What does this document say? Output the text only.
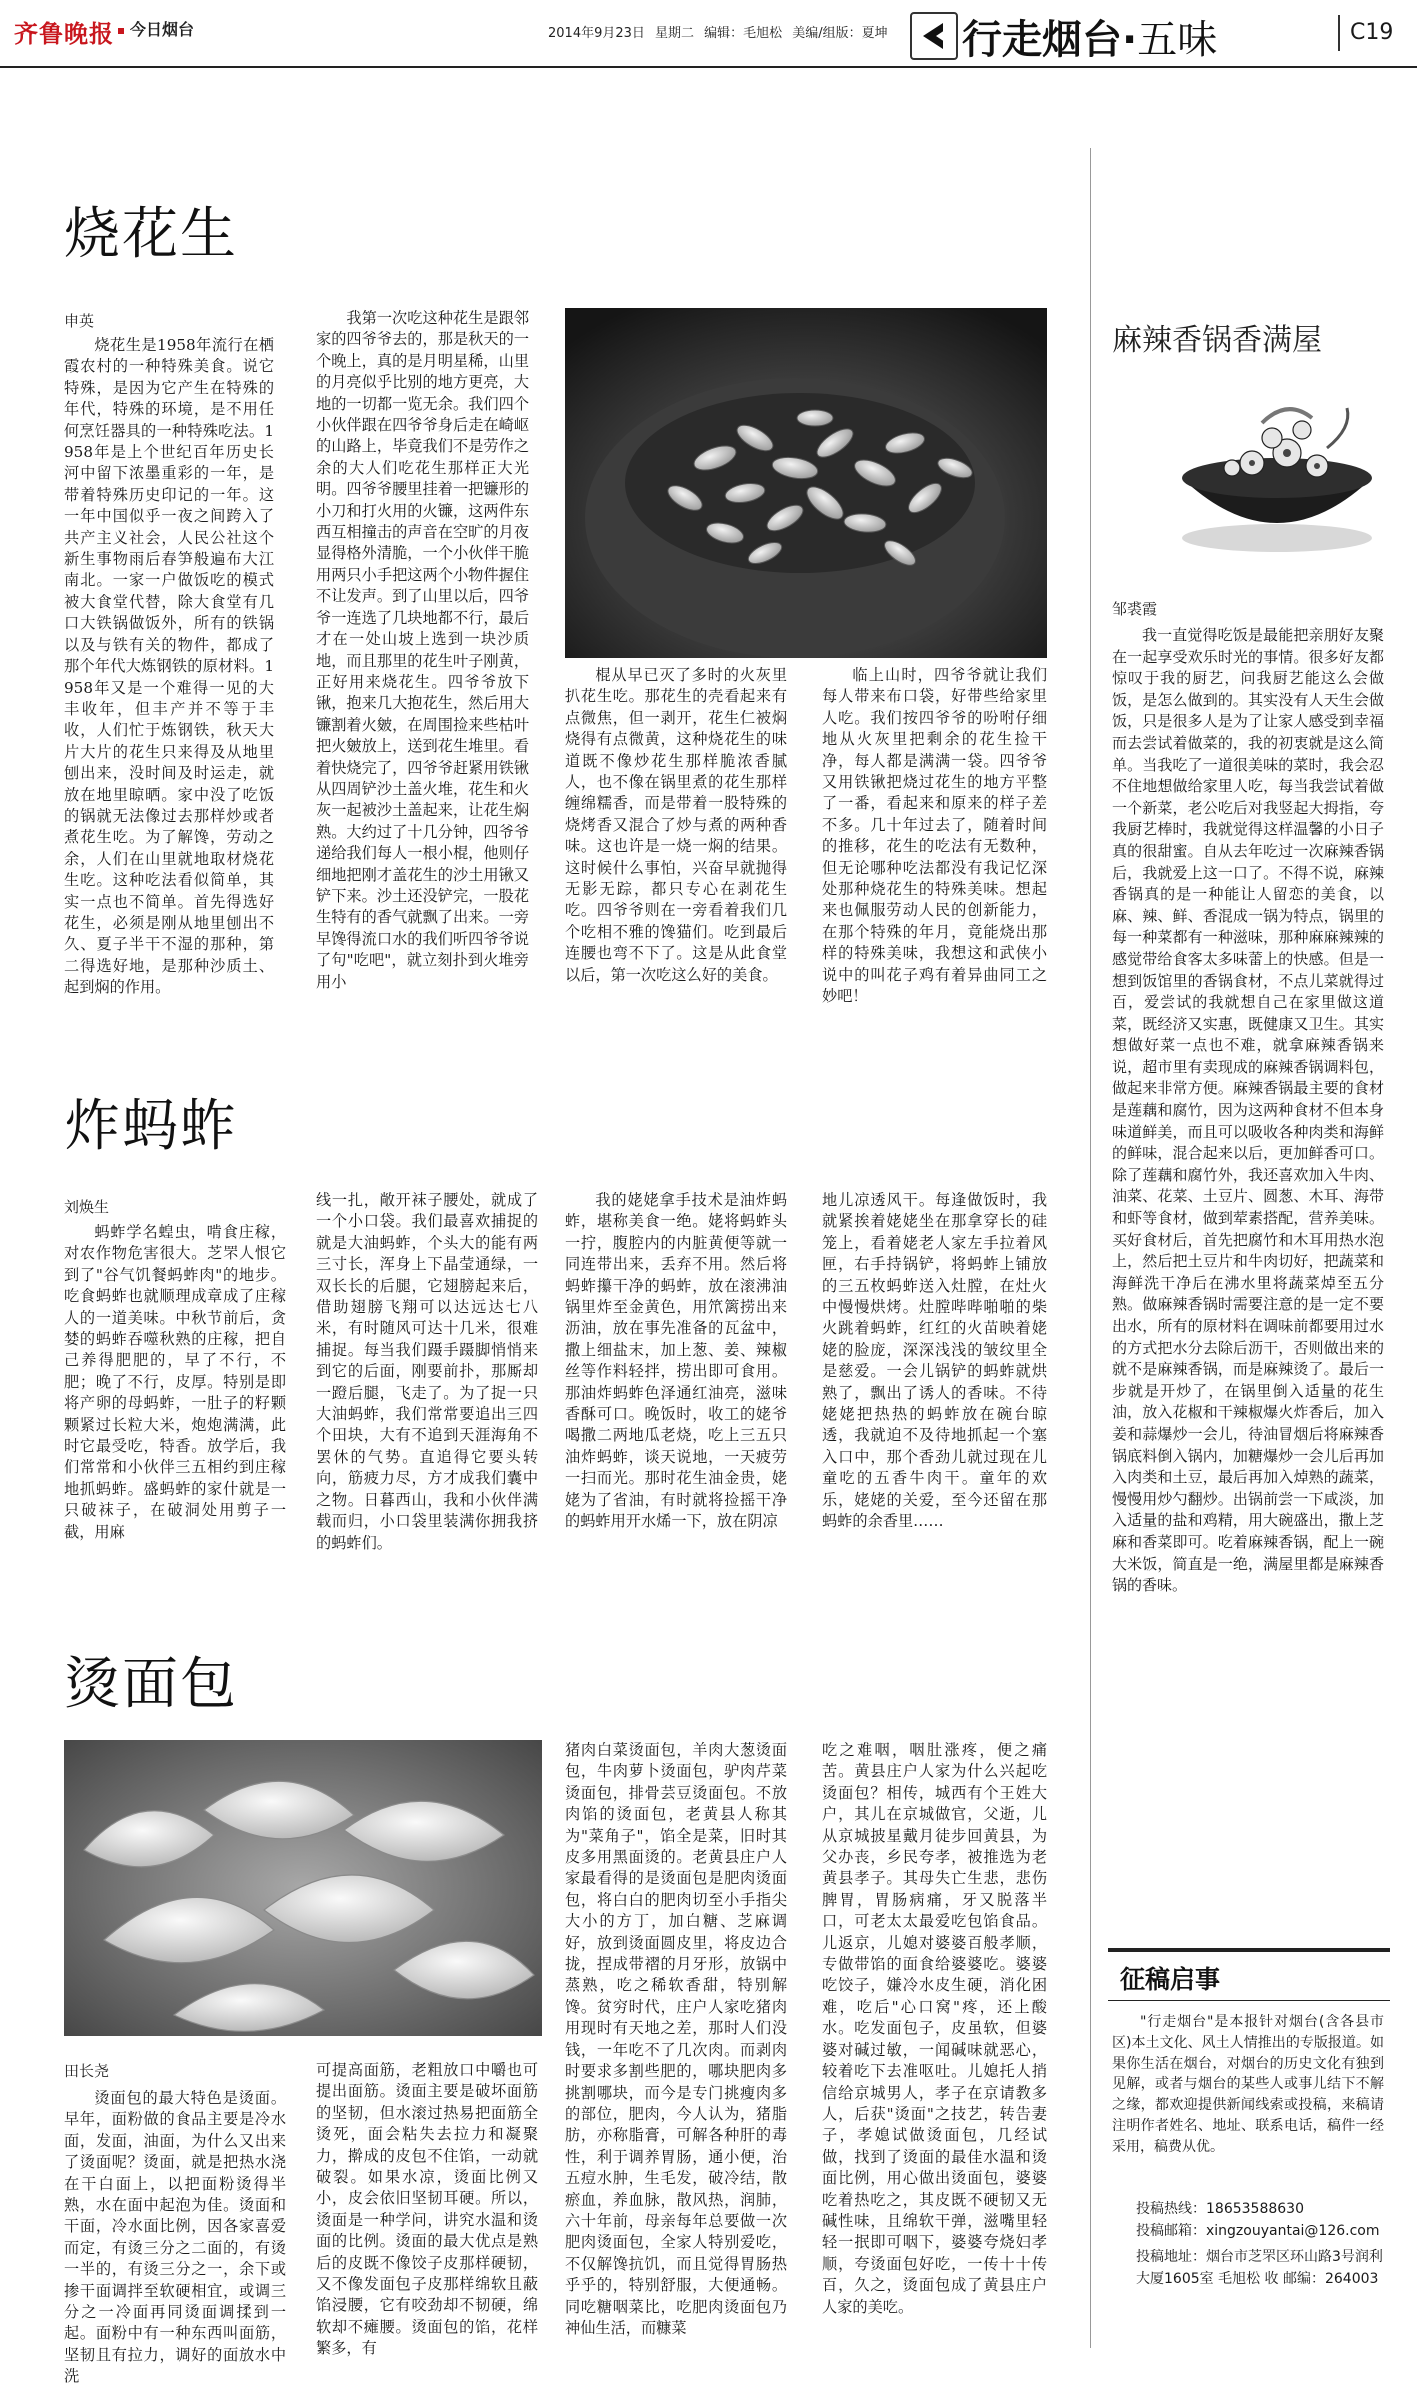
齐鲁晚报	今日烟台	2014年9月23日 星期二 编辑：毛旭松 美编/组版：夏坤 行走烟台·五味	C19
烧花生
申英

烧花生是1958年流行在栖霞农村的一种特殊美食。说它特殊，是因为它产生在特殊的年代，特殊的环境，是不用任何烹饪器具的一种特殊吃法。1958年是上个世纪百年历史长河中留下浓墨重彩的一年，是带着特殊历史印记的一年。这一年中国似乎一夜之间跨入了共产主义社会，人民公社这个新生事物雨后春笋般遍布大江南北。一家一户做饭吃的模式被大食堂代替，除大食堂有几口大铁锅做饭外，所有的铁锅以及与铁有关的物件，都成了那个年代大炼钢铁的原材料。1958年又是一个难得一见的大丰收年，但丰产并不等于丰收，人们忙于炼钢铁，秋天大片大片的花生只来得及从地里刨出来，没时间及时运走，就放在地里晾晒。家中没了吃饭的锅就无法像过去那样炒或者煮花生吃。为了解馋，劳动之余，人们在山里就地取材烧花生吃。这种吃法看似简单，其实一点也不简单。首先得选好花生，必须是刚从地里刨出不久、夏子半干不湿的那种，第二得选好地，是那种沙质土、起到焖的作用。

我第一次吃这种花生是跟邻家的四爷爷去的，那是秋天的一个晚上，真的是月明星稀，山里的月亮似乎比别的地方更亮，大地的一切都一览无余。我们四个小伙伴跟在四爷爷身后走在崎岖的山路上，毕竟我们不是劳作之余的大人们吃花生那样正大光明。四爷爷腰里挂着一把镰形的小刀和打火用的火镰，这两件东西互相撞击的声音在空旷的月夜显得格外清脆，一个小伙伴干脆用两只小手把这两个小物件握住不让发声。到了山里以后，四爷爷一连选了几块地都不行，最后才在一处山坡上选到一块沙质地，而且那里的花生叶子刚黄，正好用来烧花生。四爷爷放下锹，抱来几大抱花生，然后用大镰割着火皴，在周围捡来些枯叶把火皴放上，送到花生堆里。看着快烧完了，四爷爷赶紧用铁锹从四周铲沙土盖火堆，花生和火灰一起被沙土盖起来，让花生焖熟。大约过了十几分钟，四爷爷递给我们每人一根小棍，他则仔细地把刚才盖花生的沙土用锹又铲下来。沙土还没铲完，一股花生特有的香气就飘了出来。一旁早馋得流口水的我们听四爷爷说了句"吃吧"，就立刻扑到火堆旁用小

棍从早已灭了多时的火灰里扒花生吃。那花生的壳看起来有点微焦，但一剥开，花生仁被焖烧得有点微黄，这种烧花生的味道既不像炒花生那样脆浓香腻人，也不像在锅里煮的花生那样缠绵糯香，而是带着一股特殊的烧烤香又混合了炒与煮的两种香味。这也许是一烧一焖的结果。这时候什么事怕，兴奋早就抛得无影无踪，都只专心在剥花生吃。四爷爷则在一旁看着我们几个吃相不雅的馋猫们。吃到最后连腰也弯不下了。这是从此食堂以后，第一次吃这么好的美食。

临上山时，四爷爷就让我们每人带来布口袋，好带些给家里人吃。我们按四爷爷的吩咐仔细地从火灰里把剩余的花生捡干净，每人都是满满一袋。四爷爷又用铁锹把烧过花生的地方平整了一番，看起来和原来的样子差不多。几十年过去了，随着时间的推移，花生的吃法有无数种，但无论哪种吃法都没有我记忆深处那种烧花生的特殊美味。想起来也佩服劳动人民的创新能力，在那个特殊的年月，竟能烧出那样的特殊美味，我想这和武侠小说中的叫花子鸡有着异曲同工之妙吧！

炸蚂蚱
刘焕生

蚂蚱学名蝗虫，啃食庄稼，对农作物危害很大。芝罘人恨它到了"谷气饥餐蚂蚱肉"的地步。吃食蚂蚱也就顺理成章成了庄稼人的一道美味。中秋节前后，贪婪的蚂蚱吞噬秋熟的庄稼，把自己养得肥肥的，早了不行，不肥；晚了不行，皮厚。特别是即将产卵的母蚂蚱，一肚子的籽颗颗紧过长粒大米，炮炮满满，此时它最受吃，特香。放学后，我们常常和小伙伴三五相约到庄稼地抓蚂蚱。盛蚂蚱的家什就是一只破袜子，在破洞处用剪子一截，用麻

线一扎，敞开袜子腰处，就成了一个小口袋。我们最喜欢捕捉的就是大油蚂蚱，个头大的能有两三寸长，浑身上下晶莹通绿，一双长长的后腿，它翅膀起来后，借助翅膀飞翔可以达远达七八米，有时随风可达十几米，很难捕捉。每当我们蹑手蹑脚悄悄来到它的后面，刚要前扑，那厮却一蹬后腿，飞走了。为了捉一只大油蚂蚱，我们常常要追出三四个田块，大有不追到天涯海角不罢休的气势。直追得它要头转向，筋疲力尽，方才成我们囊中之物。日暮西山，我和小伙伴满载而归，小口袋里装满你拥我挤的蚂蚱们。

我的姥姥拿手技术是油炸蚂蚱，堪称美食一绝。姥将蚂蚱头一拧，腹腔内的内脏黄便等就一同连带出来，丢弃不用。然后将蚂蚱攥干净的蚂蚱，放在滚沸油锅里炸至金黄色，用笊篱捞出来沥油，放在事先准备的瓦盆中，撒上细盐末，加上葱、姜、辣椒丝等作料轻拌，捞出即可食用。那油炸蚂蚱色泽通红油亮，滋味香酥可口。晚饭时，收工的姥爷喝撒二两地瓜老烧，吃上三五只油炸蚂蚱，谈天说地，一天疲劳一扫而光。那时花生油金贵，姥姥为了省油，有时就将捡摇干净的蚂蚱用开水烯一下，放在阴凉

地儿凉透风干。每逢做饭时，我就紧挨着姥姥坐在那拿穿长的硅笼上，看着姥老人家左手拉着风匣，右手持锅铲，将蚂蚱上铺放的三五枚蚂蚱送入灶膛，在灶火中慢慢烘烤。灶膛哔哔啪啪的柴火跳着蚂蚱，红红的火苗映着姥姥的脸庞，深深浅浅的皱纹里全是慈爱。一会儿锅铲的蚂蚱就烘熟了，飘出了诱人的香味。不待姥姥把热热的蚂蚱放在碗台晾透，我就迫不及待地抓起一个塞入口中，那个香劲儿就过现在儿童吃的五香牛肉干。童年的欢乐，姥姥的关爱，至今还留在那蚂蚱的余香里……

烫面包
田长尧

烫面包的最大特色是烫面。早年，面粉做的食品主要是冷水面，发面，油面，为什么又出来了烫面呢？烫面，就是把热水浇在干白面上，以把面粉烫得半熟，水在面中起泡为佳。烫面和干面，冷水面比例，因各家喜爱而定，有烫三分之二面的，有烫一半的，有烫三分之一，余下或掺干面调拌至软硬相宜，或调三分之一冷面再同烫面调揉到一起。面粉中有一种东西叫面筋，坚韧且有拉力，调好的面放水中洗

可提高面筋，老粗放口中嚼也可提出面筋。烫面主要是破坏面筋的坚韧，但水滚过热易把面筋全烫死，面会粘失去拉力和凝聚力，擀成的皮包不住馅，一动就破裂。如果水凉，烫面比例又小，皮会依旧坚韧耳硬。所以，烫面是一种学问，讲究水温和烫面的比例。烫面的最大优点是熟后的皮既不像饺子皮那样硬韧，又不像发面包子皮那样绵软且蔽馅浸腰，它有咬劲却不韧硬，绵软却不瘫腰。烫面包的馅，花样繁多，有

猪肉白菜烫面包，羊肉大葱烫面包，牛肉萝卜烫面包，驴肉芹菜烫面包，排骨芸豆烫面包。不放肉馅的烫面包，老黄县人称其为"菜角子"，馅全是菜，旧时其皮多用黑面烫的。老黄县庄户人家最看得的是烫面包是肥肉烫面包，将白白的肥肉切至小手指尖大小的方丁，加白糖、芝麻调好，放到烫面圆皮里，将皮边合拢，捏成带褶的月牙形，放锅中蒸熟，吃之稀软香甜，特别解馋。贫穷时代，庄户人家吃猪肉用现时有天地之差，那时人们没钱，一年吃不了几次肉。而剥肉时要求多割些肥的，哪块肥肉多挑割哪块，而今是专门挑瘦肉多的部位，肥肉，今人认为，猪脂肪，亦称脂膏，可解各种肝的毒性，利于调养胃肠，通小便，治五痘水肿，生毛发，破冷结，散瘀血，养血脉，散风热，润肺，六十年前，母亲每年总要做一次肥肉烫面包，全家人特别爱吃，不仅解馋抗饥，而且觉得胃肠热乎乎的，特别舒服，大便通畅。同吃糖咽菜比，吃肥肉烫面包乃神仙生活，而糠菜

吃之难咽，咽肚涨疼，便之痛苦。黄县庄户人家为什么兴起吃烫面包？相传，城西有个王姓大户，其儿在京城做官，父逝，儿从京城披星戴月徒步回黄县，为父办丧，乡民夸孝，被推选为老黄县孝子。其母失亡生悲，悲伤脾胃，胃肠病痛，牙又脱落半口，可老太太最爱吃包馅食品。儿返京，儿媳对婆婆百般孝顺，专做带馅的面食给婆婆吃。婆婆吃饺子，嫌冷水皮生硬，消化困难，吃后"心口窝"疼，还上酸水。吃发面包子，皮虽软，但婆婆对碱过敏，一闻碱味就恶心，较着吃下去准呕吐。儿媳托人捎信给京城男人，孝子在京请教多人，后获"烫面"之技艺，转告妻子，孝媳试做烫面包，几经试做，找到了烫面的最佳水温和烫面比例，用心做出烫面包，婆婆吃着热吃之，其皮既不硬韧又无碱性味，且绵软干弹，滋嘴里轻轻一抿即可咽下，婆婆夸烧妇孝顺，夸烫面包好吃，一传十十传百，久之，烫面包成了黄县庄户人家的美吃。

麻辣香锅香满屋
邹裘霞

我一直觉得吃饭是最能把亲朋好友聚在一起享受欢乐时光的事情。很多好友都惊叹于我的厨艺，问我厨艺能这么会做饭，是怎么做到的。其实没有人天生会做饭，只是很多人是为了让家人感受到幸福而去尝试着做菜的，我的初衷就是这么简单。当我吃了一道很美味的菜时，我会忍不住地想做给家里人吃，每当我尝试着做一个新菜，老公吃后对我竖起大拇指，夸我厨艺棒时，我就觉得这样温馨的小日子真的很甜蜜。自从去年吃过一次麻辣香锅后，我就爱上这一口了。不得不说，麻辣香锅真的是一种能让人留恋的美食，以麻、辣、鲜、香混成一锅为特点，锅里的每一种菜都有一种滋味，那种麻麻辣辣的感觉带给食客太多味蕾上的快感。但是一想到饭馆里的香锅食材，不点儿菜就得过百，爱尝试的我就想自己在家里做这道菜，既经济又实惠，既健康又卫生。其实想做好菜一点也不难，就拿麻辣香锅来说，超市里有卖现成的麻辣香锅调料包，做起来非常方便。麻辣香锅最主要的食材是莲藕和腐竹，因为这两种食材不但本身味道鲜美，而且可以吸收各种肉类和海鲜的鲜味，混合起来以后，更加鲜香可口。除了莲藕和腐竹外，我还喜欢加入牛肉、油菜、花菜、土豆片、圆葱、木耳、海带和虾等食材，做到荤素搭配，营养美味。买好食材后，首先把腐竹和木耳用热水泡上，然后把土豆片和牛肉切好，把蔬菜和海鲜洗干净后在沸水里将蔬菜焯至五分熟。做麻辣香锅时需要注意的是一定不要出水，所有的原材料在调味前都要用过水的方式把水分去除后沥干，否则做出来的就不是麻辣香锅，而是麻辣烫了。最后一步就是开炒了，在锅里倒入适量的花生油，放入花椒和干辣椒爆火炸香后，加入姜和蒜爆炒一会儿，待油冒烟后将麻辣香锅底料倒入锅内，加糖爆炒一会儿后再加入肉类和土豆，最后再加入焯熟的蔬菜，慢慢用炒勺翻炒。出锅前尝一下咸淡，加入适量的盐和鸡精，用大碗盛出，撒上芝麻和香菜即可。吃着麻辣香锅，配上一碗大米饭，简直是一绝，满屋里都是麻辣香锅的香味。

征稿启事

"行走烟台"是本报针对烟台(含各县市区)本土文化、风土人情推出的专版报道。如果你生活在烟台，对烟台的历史文化有独到见解，或者与烟台的某些人或事儿结下不解之缘，都欢迎提供新闻线索或投稿，来稿请注明作者姓名、地址、联系电话，稿件一经采用，稿费从优。

投稿热线：18653588630
投稿邮箱：xingzouyantai@126.com
投稿地址：烟台市芝罘区环山路3号润利大厦1605室 毛旭松 收 邮编：264003
